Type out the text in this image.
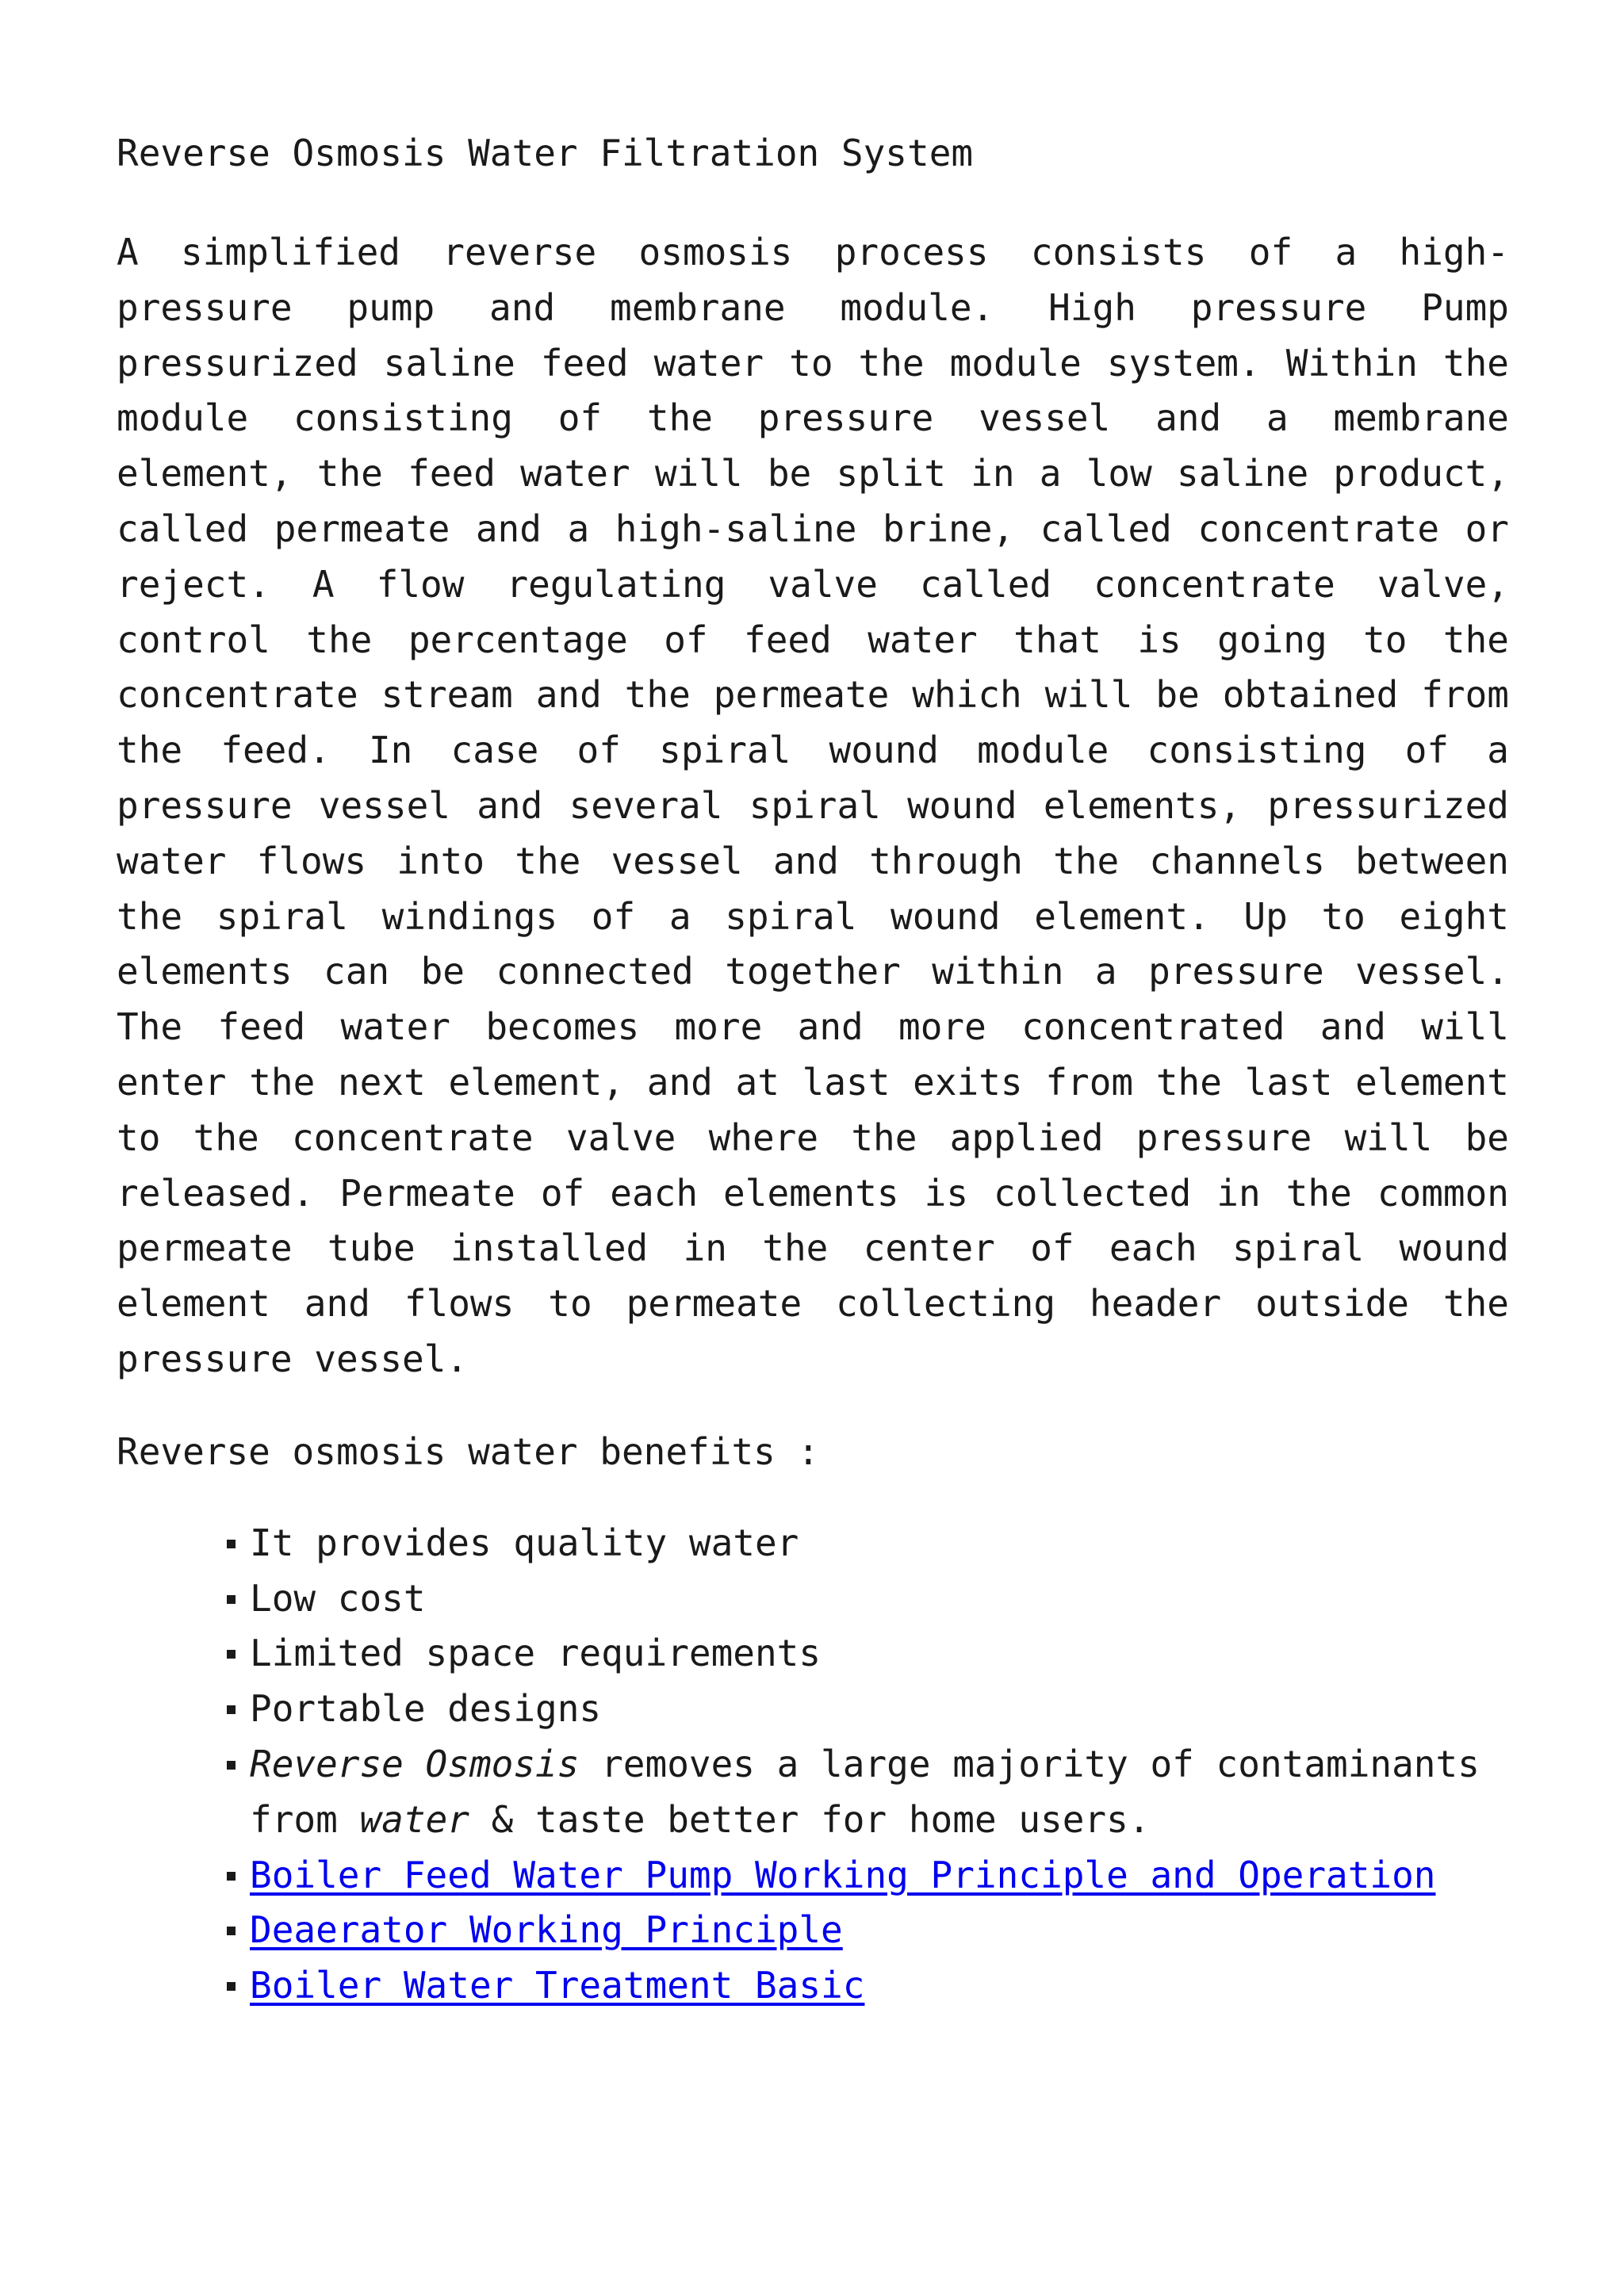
Reverse Osmosis Water Filtration System

A simplified reverse osmosis process consists of a high-pressure pump and membrane module. High pressure Pump pressurized saline feed water to the module system. Within the module consisting of the pressure vessel and a membrane element, the feed water will be split in a low saline product, called permeate and a high-saline brine, called concentrate or reject. A flow regulating valve called concentrate valve, control the percentage of feed water that is going to the concentrate stream and the permeate which will be obtained from the feed. In case of spiral wound module consisting of a pressure vessel and several spiral wound elements, pressurized water flows into the vessel and through the channels between the spiral windings of a spiral wound element. Up to eight elements can be connected together within a pressure vessel. The feed water becomes more and more concentrated and will enter the next element, and at last exits from the last element to the concentrate valve where the applied pressure will be released. Permeate of each elements is collected in the common permeate tube installed in the center of each spiral wound element and flows to permeate collecting header outside the pressure vessel.

Reverse osmosis water benefits :

It provides quality water
Low cost
Limited space requirements
Portable designs
Reverse Osmosis removes a large majority of contaminants from water & taste better for home users.
Boiler Feed Water Pump Working Principle and Operation
Deaerator Working Principle
Boiler Water Treatment Basic
